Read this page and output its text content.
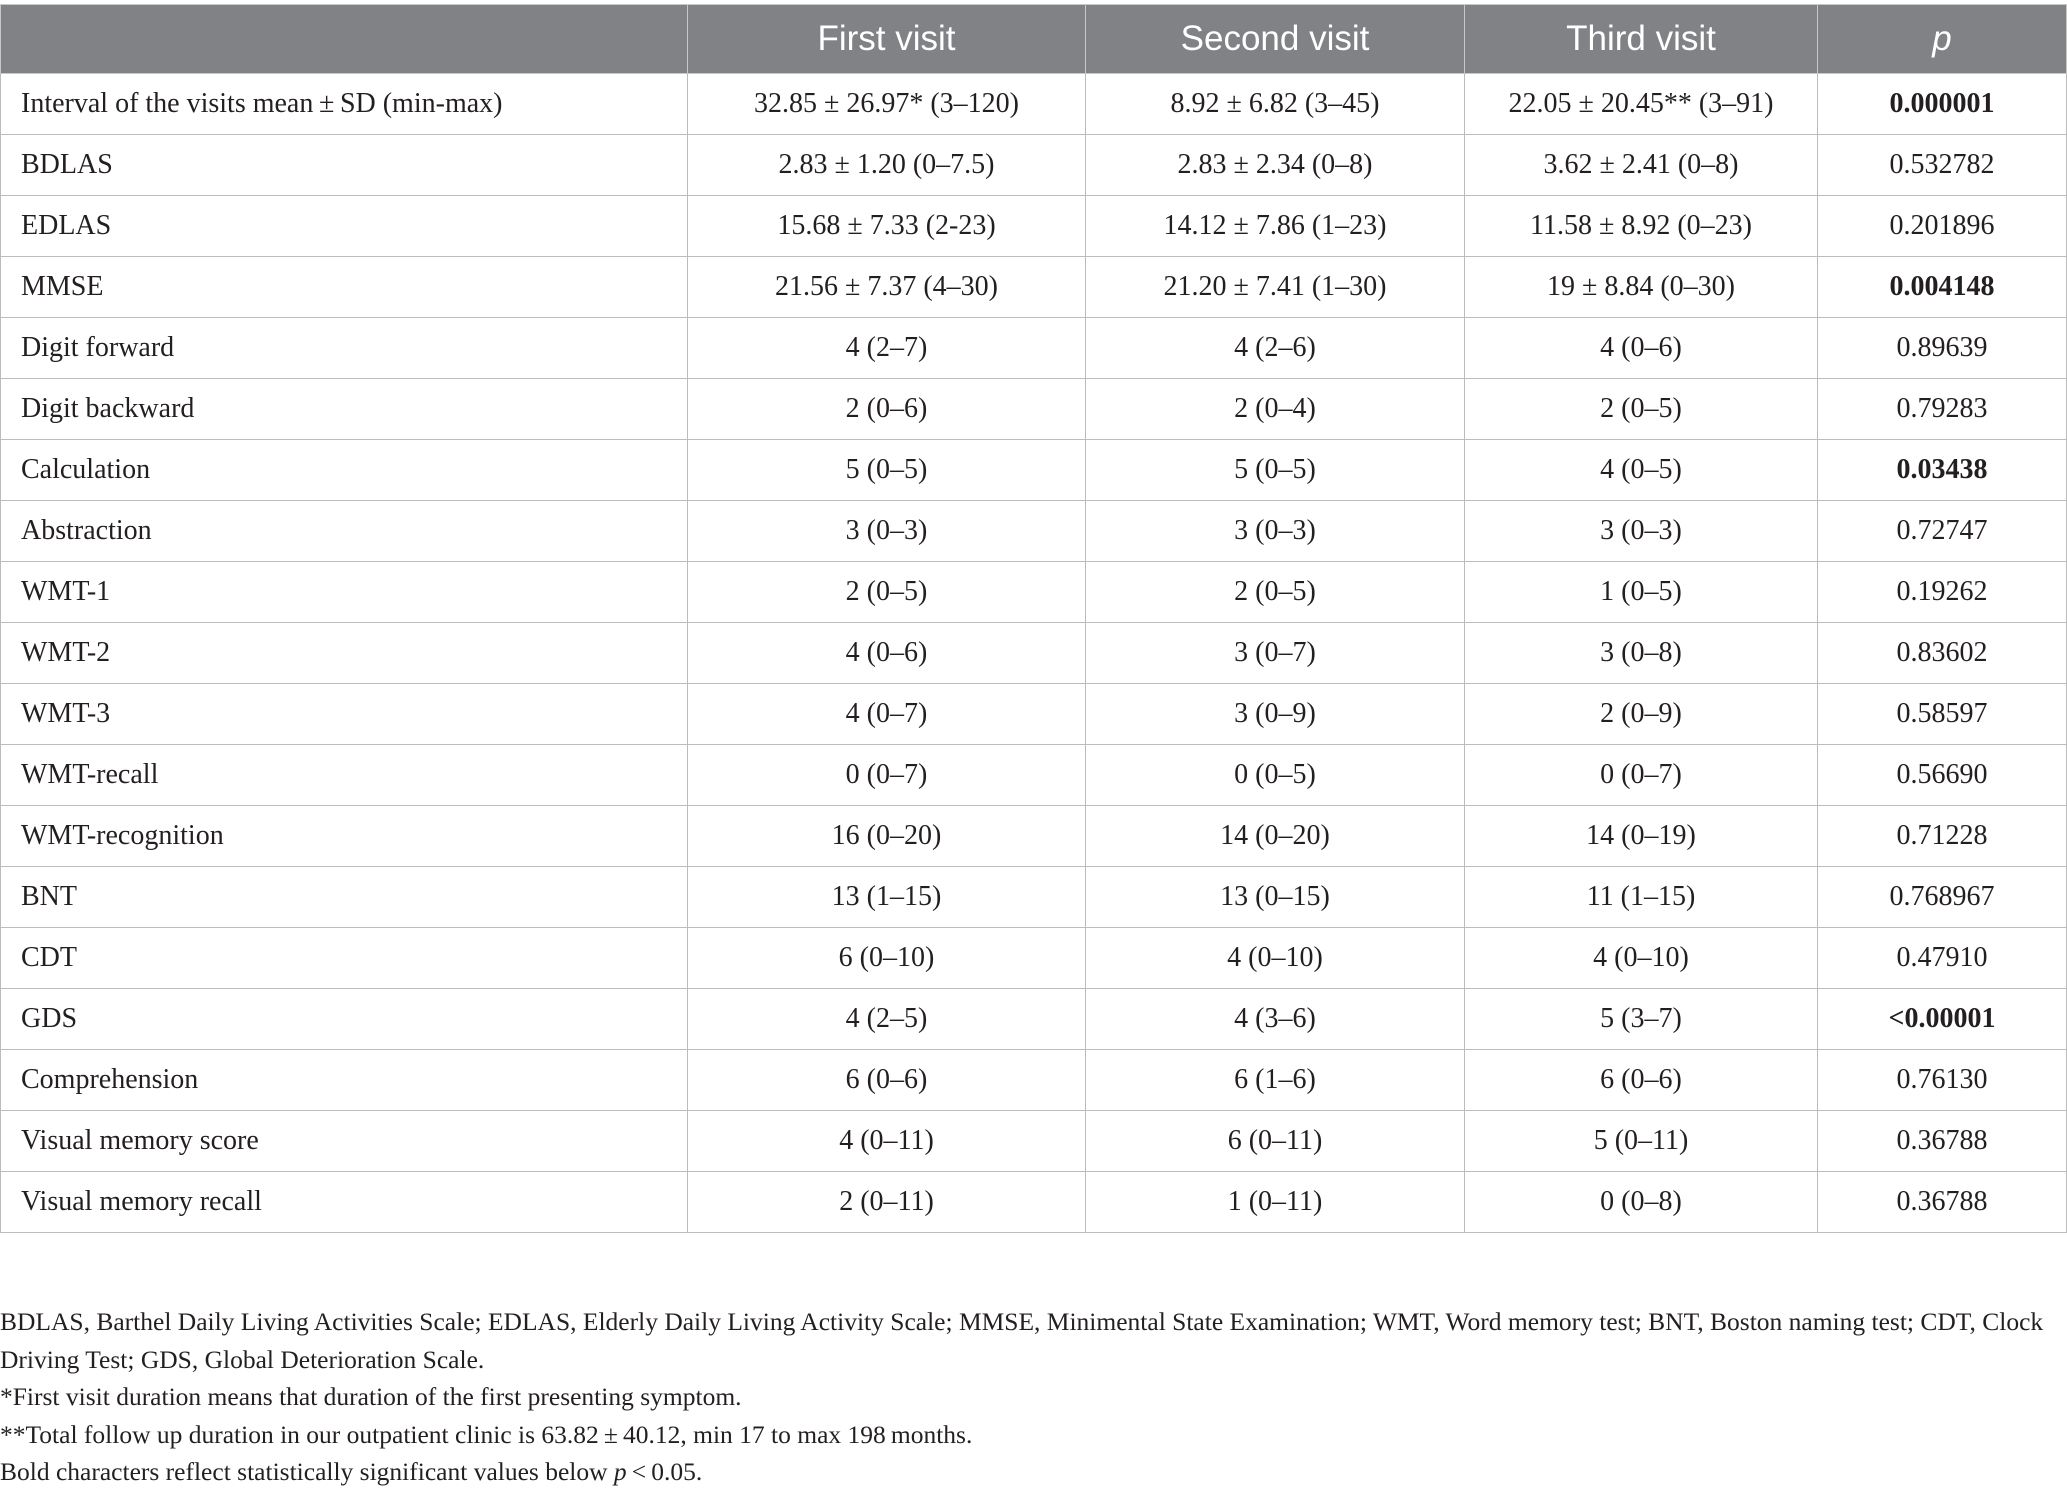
	First visit	Second visit	Third visit	p
Interval of the visits mean ± SD (min-max)	32.85 ± 26.97* (3–120)	8.92 ± 6.82 (3–45)	22.05 ± 20.45** (3–91)	0.000001
BDLAS	2.83 ± 1.20 (0–7.5)	2.83 ± 2.34 (0–8)	3.62 ± 2.41 (0–8)	0.532782
EDLAS	15.68 ± 7.33 (2-23)	14.12 ± 7.86 (1–23)	11.58 ± 8.92 (0–23)	0.201896
MMSE	21.56 ± 7.37 (4–30)	21.20 ± 7.41 (1–30)	19 ± 8.84 (0–30)	0.004148
Digit forward	4 (2–7)	4 (2–6)	4 (0–6)	0.89639
Digit backward	2 (0–6)	2 (0–4)	2 (0–5)	0.79283
Calculation	5 (0–5)	5 (0–5)	4 (0–5)	0.03438
Abstraction	3 (0–3)	3 (0–3)	3 (0–3)	0.72747
WMT-1	2 (0–5)	2 (0–5)	1 (0–5)	0.19262
WMT-2	4 (0–6)	3 (0–7)	3 (0–8)	0.83602
WMT-3	4 (0–7)	3 (0–9)	2 (0–9)	0.58597
WMT-recall	0 (0–7)	0 (0–5)	0 (0–7)	0.56690
WMT-recognition	16 (0–20)	14 (0–20)	14 (0–19)	0.71228
BNT	13 (1–15)	13 (0–15)	11 (1–15)	0.768967
CDT	6 (0–10)	4 (0–10)	4 (0–10)	0.47910
GDS	4 (2–5)	4 (3–6)	5 (3–7)	<0.00001
Comprehension	6 (0–6)	6 (1–6)	6 (0–6)	0.76130
Visual memory score	4 (0–11)	6 (0–11)	5 (0–11)	0.36788
Visual memory recall	2 (0–11)	1 (0–11)	0 (0–8)	0.36788

BDLAS, Barthel Daily Living Activities Scale; EDLAS, Elderly Daily Living Activity Scale; MMSE, Minimental State Examination; WMT, Word memory test; BNT, Boston naming test; CDT, Clock Driving Test; GDS, Global Deterioration Scale.

*First visit duration means that duration of the first presenting symptom.

**Total follow up duration in our outpatient clinic is 63.82 ± 40.12, min 17 to max 198 months.

Bold characters reflect statistically significant values below p < 0.05.
